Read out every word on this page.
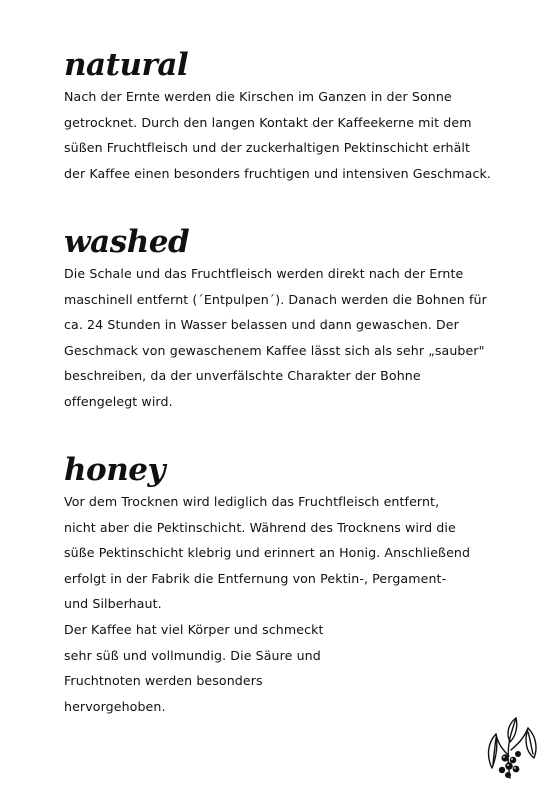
natural
Nach der Ernte werden die Kirschen im Ganzen in der Sonne
getrocknet. Durch den langen Kontakt der Kaffeekerne mit dem
süßen Fruchtfleisch und der zuckerhaltigen Pektinschicht erhält
der Kaffee einen besonders fruchtigen und intensiven Geschmack.
washed
Die Schale und das Fruchtfleisch werden direkt nach der Ernte
maschinell entfernt (´Entpulpen´). Danach werden die Bohnen für
ca. 24 Stunden in Wasser belassen und dann gewaschen. Der
Geschmack von gewaschenem Kaffee lässt sich als sehr „sauber"
beschreiben, da der unverfälschte Charakter der Bohne
offengelegt wird.
honey
Vor dem Trocknen wird lediglich das Fruchtfleisch entfernt,
nicht aber die Pektinschicht. Während des Trocknens wird die
süße Pektinschicht klebrig und erinnert an Honig. Anschließend
erfolgt in der Fabrik die Entfernung von Pektin-, Pergament-
und Silberhaut.
Der Kaffee hat viel Körper und schmeckt
sehr süß und vollmundig. Die Säure und
Fruchtnoten werden besonders
hervorgehoben.
